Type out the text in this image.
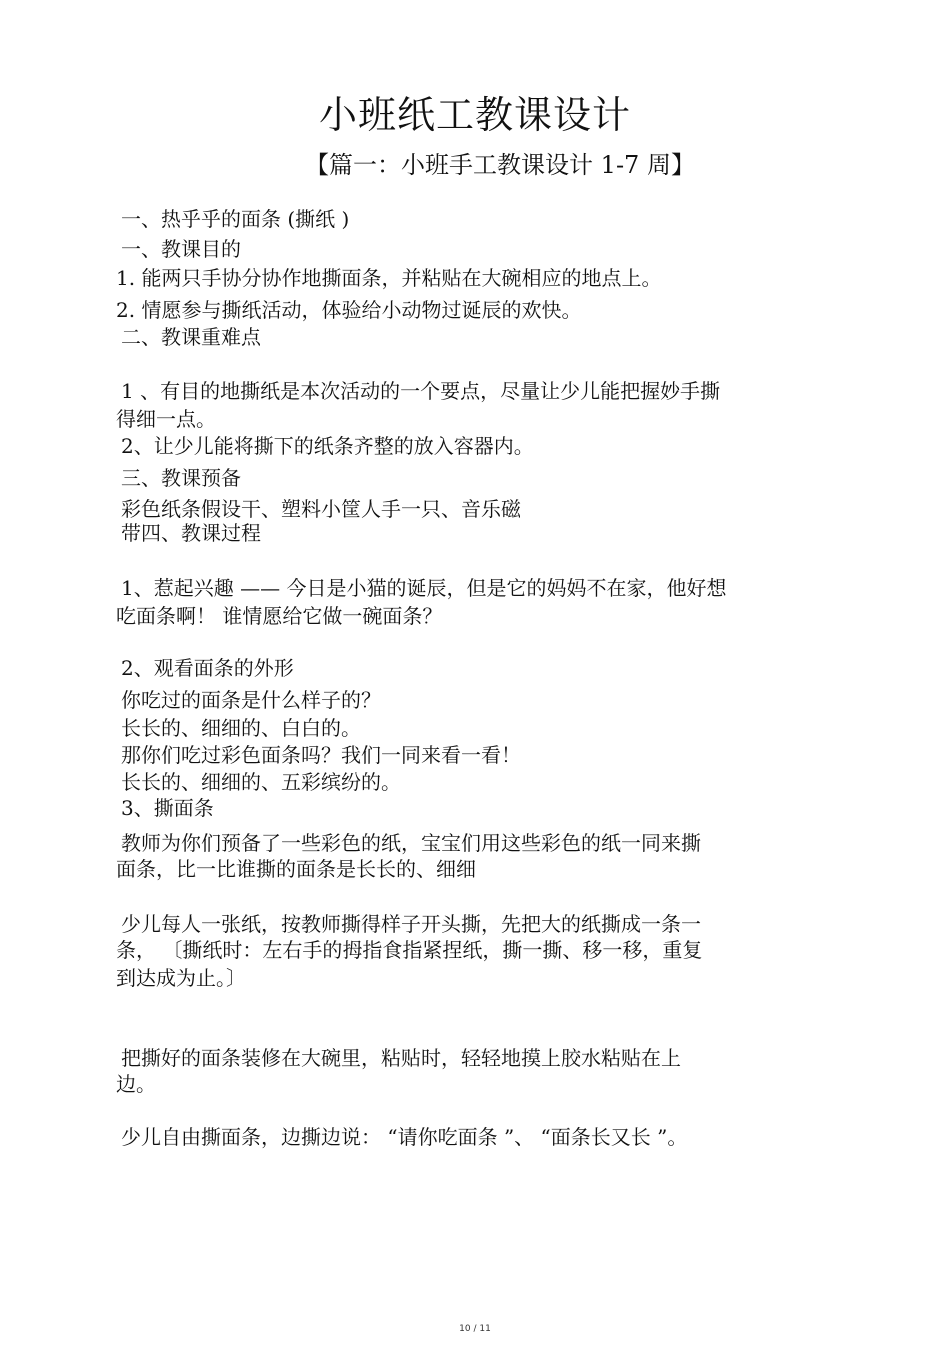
小班纸工教课设计
【篇一：小班手工教课设计 1-7 周】
一、热乎乎的面条 (撕纸 )
一、教课目的
1. 能两只手协分协作地撕面条，并粘贴在大碗相应的地点上。
2. 情愿参与撕纸活动，体验给小动物过诞辰的欢快。
二、教课重难点
1 、有目的地撕纸是本次活动的一个要点，尽量让少儿能把握妙手撕
得细一点。
2、让少儿能将撕下的纸条齐整的放入容器内。
三、教课预备
彩色纸条假设干、塑料小筐人手一只、音乐磁
带四、教课过程
1、惹起兴趣 —— 今日是小猫的诞辰，但是它的妈妈不在家，他好想
吃面条啊！ 谁情愿给它做一碗面条？
2、观看面条的外形
你吃过的面条是什么样子的？
长长的、细细的、白白的。
那你们吃过彩色面条吗？我们一同来看一看！
长长的、细细的、五彩缤纷的。
3、撕面条
教师为你们预备了一些彩色的纸，宝宝们用这些彩色的纸一同来撕
面条，比一比谁撕的面条是长长的、细细
少儿每人一张纸，按教师撕得样子开头撕，先把大的纸撕成一条一
条， 〔撕纸时：左右手的拇指食指紧捏纸，撕一撕、移一移，重复
到达成为止。〕
把撕好的面条装修在大碗里，粘贴时，轻轻地摸上胶水粘贴在上
边。
少儿自由撕面条，边撕边说： “请你吃面条 ”、 “面条长又长 ”。
10 / 11
